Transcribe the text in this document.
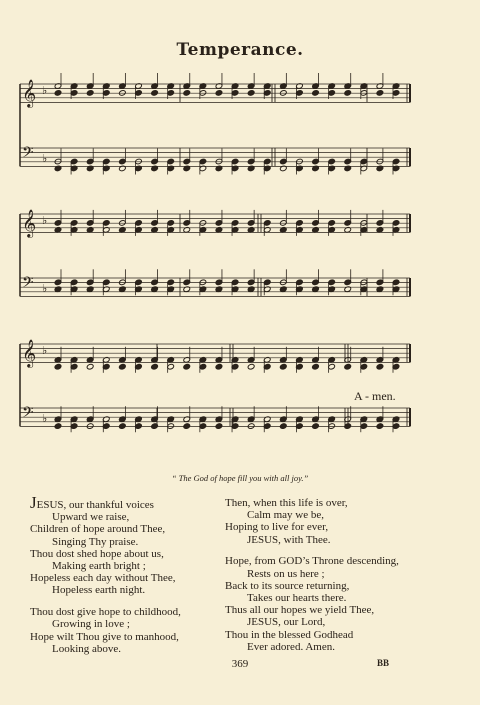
Temperance.
𝄞 ♭
𝄢 ♭
𝄞 ♭
𝄢 ♭
𝄞 ♭
𝄢 ♭
A - men.
“ The God of hope fill you with all joy.”
JESUS, our thankful voices
Upward we raise,
Children of hope around Thee,
Singing Thy praise.
Thou dost shed hope about us,
Making earth bright ;
Hopeless each day without Thee,
Hopeless earth night.
Thou dost give hope to childhood,
Growing in love ;
Hope wilt Thou give to manhood,
Looking above.
Then, when this life is over,
Calm may we be,
Hoping to live for ever,
JESUS, with Thee.
Hope, from GOD’s Throne descending,
Rests on us here ;
Back to its source returning,
Takes our hearts there.
Thus all our hopes we yield Thee,
JESUS, our Lord,
Thou in the blessed Godhead
Ever adored. Amen.
369	BB
